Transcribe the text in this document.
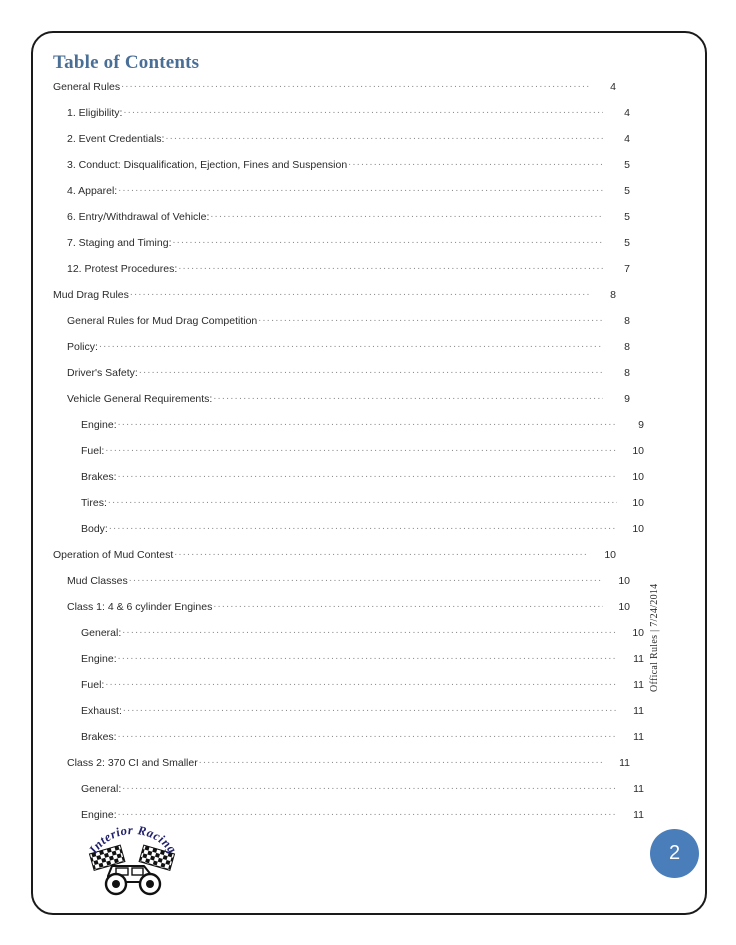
Table of Contents
General Rules .....	4
1. Eligibility: .....	4
2. Event Credentials: .....	4
3. Conduct: Disqualification, Ejection, Fines and Suspension .....	5
4. Apparel: .....	5
6. Entry/Withdrawal of Vehicle: .....	5
7. Staging and Timing: .....	5
12. Protest Procedures: .....	7
Mud Drag Rules .....	8
General Rules for Mud Drag Competition .....	8
Policy: .....	8
Driver's Safety: .....	8
Vehicle General Requirements: .....	9
Engine: .....	9
Fuel: .....	10
Brakes: .....	10
Tires: .....	10
Body: .....	10
Operation of Mud Contest .....	10
Mud Classes .....	10
Class 1: 4 & 6 cylinder Engines .....	10
General: .....	10
Engine: .....	11
Fuel: .....	11
Exhaust: .....	11
Brakes: .....	11
Class 2: 370 CI and Smaller .....	11
General: .....	11
Engine: .....	11
Offical Rules | 7/24/2014
2
Interior Racing
